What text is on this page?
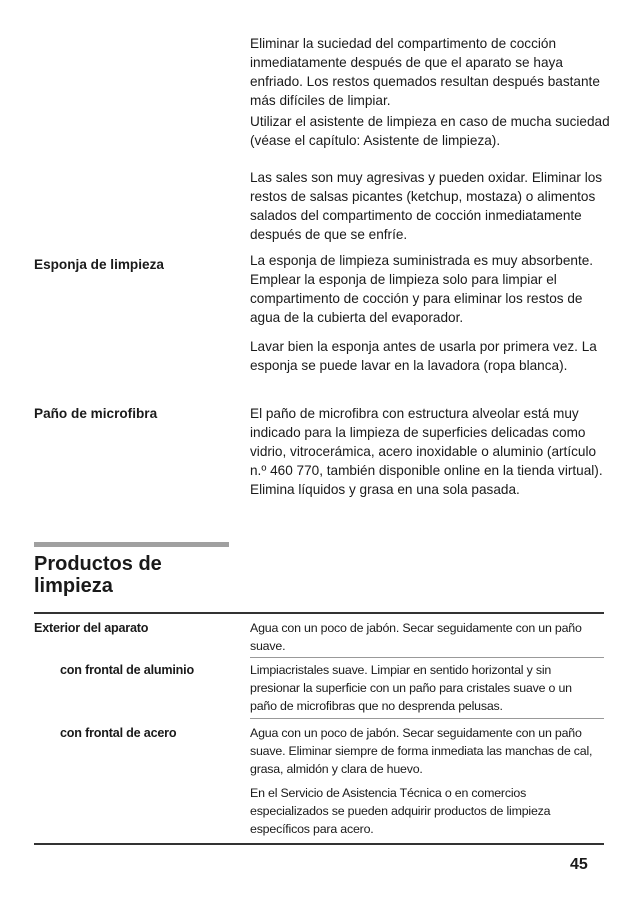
Eliminar la suciedad del compartimento de cocción inmediatamente después de que el aparato se haya enfriado. Los restos quemados resultan después bastante más difíciles de limpiar.

Utilizar el asistente de limpieza en caso de mucha suciedad (véase el capítulo: Asistente de limpieza).

Las sales son muy agresivas y pueden oxidar. Eliminar los restos de salsas picantes (ketchup, mostaza) o alimentos salados del compartimento de cocción inmediatamente después de que se enfríe.

Esponja de limpieza	La esponja de limpieza suministrada es muy absorbente. Emplear la esponja de limpieza solo para limpiar el compartimento de cocción y para eliminar los restos de agua de la cubierta del evaporador.

Lavar bien la esponja antes de usarla por primera vez. La esponja se puede lavar en la lavadora (ropa blanca).

Paño de microfibra	El paño de microfibra con estructura alveolar está muy indicado para la limpieza de superficies delicadas como vidrio, vitrocerámica, acero inoxidable o aluminio (artículo n.º 460 770, también disponible online en la tienda virtual). Elimina líquidos y grasa en una sola pasada.

Productos de limpieza
Exterior del aparato	Agua con un poco de jabón. Secar seguidamente con un paño suave.
con frontal de aluminio	Limpiacristales suave. Limpiar en sentido horizontal y sin presionar la superficie con un paño para cristales suave o un paño de microfibras que no desprenda pelusas.
con frontal de acero	Agua con un poco de jabón. Secar seguidamente con un paño suave. Eliminar siempre de forma inmediata las manchas de cal, grasa, almidón y clara de huevo.
En el Servicio de Asistencia Técnica o en comercios especializados se pueden adquirir productos de limpieza específicos para acero.
45
